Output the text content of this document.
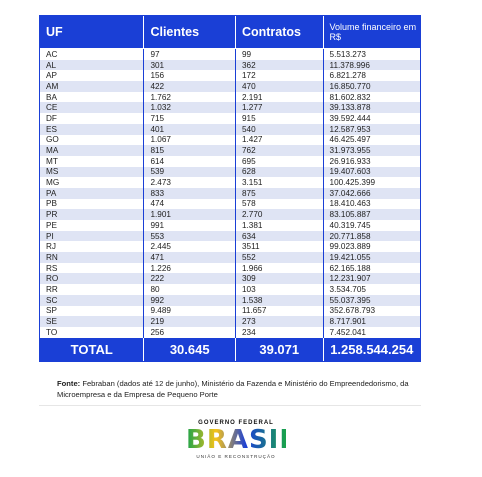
UF	Clientes	Contratos	Volume financeiro em R$
AC	97	99	5.513.273
AL	301	362	11.378.996
AP	156	172	6.821.278
AM	422	470	16.850.770
BA	1.762	2.191	81.602.832
CE	1.032	1.277	39.133.878
DF	715	915	39.592.444
ES	401	540	12.587.953
GO	1.067	1.427	46.425.497
MA	815	762	31.973.955
MT	614	695	26.916.933
MS	539	628	19.407.603
MG	2.473	3.151	100.425.399
PA	833	875	37.042.666
PB	474	578	18.410.463
PR	1.901	2.770	83.105.887
PE	991	1.381	40.319.745
PI	553	634	20.771.858
RJ	2.445	3511	99.023.889
RN	471	552	19.421.055
RS	1.226	1.966	62.165.188
RO	222	309	12.231.907
RR	80	103	3.534.705
SC	992	1.538	55.037.395
SP	9.489	11.657	352.678.793
SE	219	273	8.717.901
TO	256	234	7.452.041
TOTAL	30.645	39.071	1.258.544.254
Fonte: Febraban (dados até 12 de junho), Ministério da Fazenda e Ministério do Empreendedorismo, da Microempresa e da Empresa de Pequeno Porte
GOVERNO FEDERAL
BRASIL
UNIÃO E RECONSTRUÇÃO
